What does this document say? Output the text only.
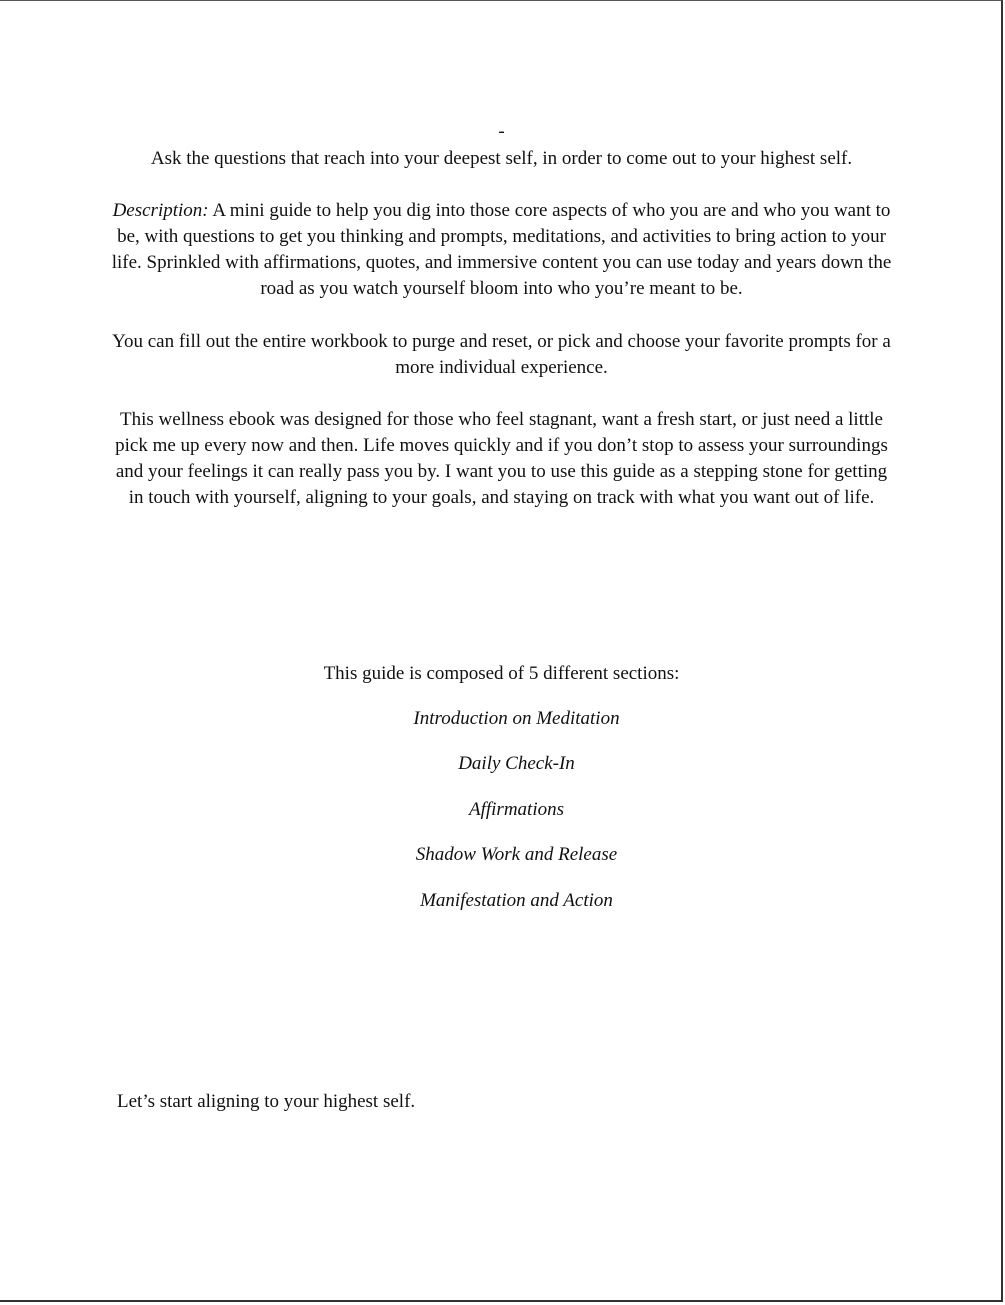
-
Ask the questions that reach into your deepest self, in order to come out to your highest self.
Description: A mini guide to help you dig into those core aspects of who you are and who you want to be, with questions to get you thinking and prompts, meditations, and activities to bring action to your life. Sprinkled with affirmations, quotes, and immersive content you can use today and years down the road as you watch yourself bloom into who you’re meant to be.
You can fill out the entire workbook to purge and reset, or pick and choose your favorite prompts for a more individual experience.
This wellness ebook was designed for those who feel stagnant, want a fresh start, or just need a little pick me up every now and then. Life moves quickly and if you don’t stop to assess your surroundings and your feelings it can really pass you by. I want you to use this guide as a stepping stone for getting in touch with yourself, aligning to your goals, and staying on track with what you want out of life.
This guide is composed of 5 different sections:
Introduction on Meditation
Daily Check-In
Affirmations
Shadow Work and Release
Manifestation and Action
Let’s start aligning to your highest self.
